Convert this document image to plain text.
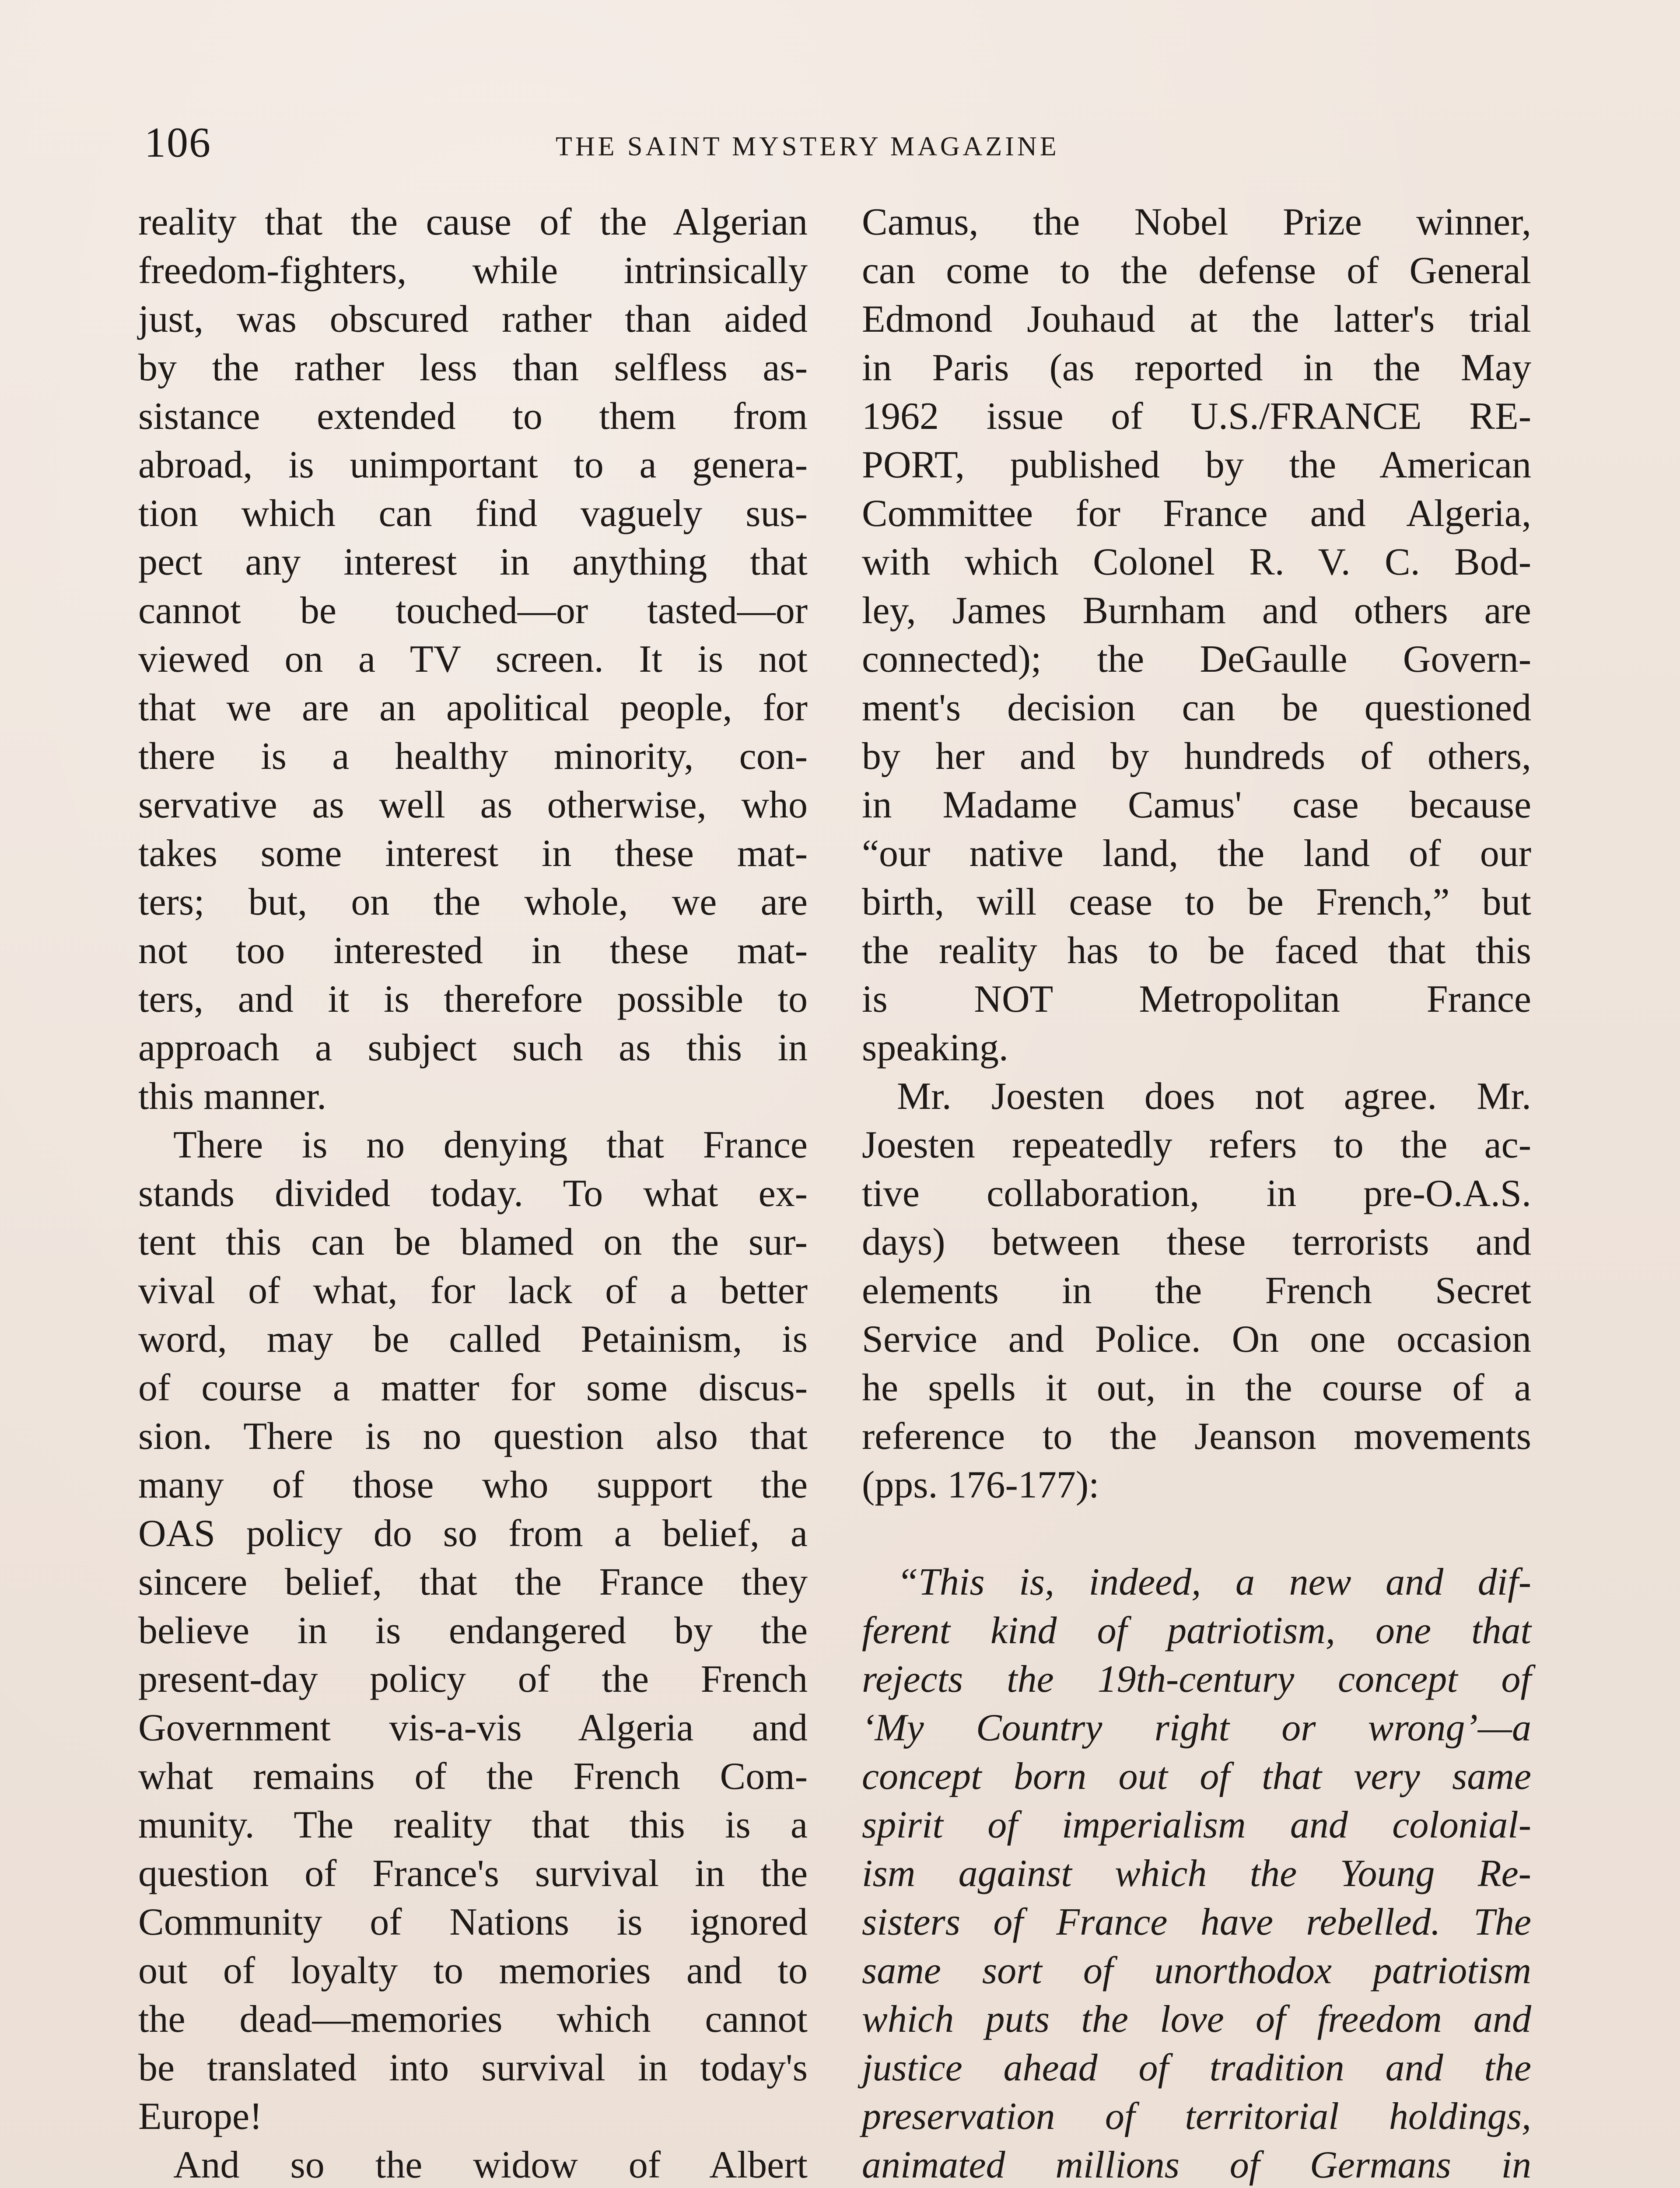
106	THE SAINT MYSTERY MAGAZINE
reality that the cause of the Algerian
freedom-fighters, while intrinsically
just, was obscured rather than aided
by the rather less than selfless as-
sistance extended to them from
abroad, is unimportant to a genera-
tion which can find vaguely sus-
pect any interest in anything that
cannot be touched—or tasted—or
viewed on a TV screen. It is not
that we are an apolitical people, for
there is a healthy minority, con-
servative as well as otherwise, who
takes some interest in these mat-
ters; but, on the whole, we are
not too interested in these mat-
ters, and it is therefore possible to
approach a subject such as this in
this manner.
There is no denying that France
stands divided today. To what ex-
tent this can be blamed on the sur-
vival of what, for lack of a better
word, may be called Petainism, is
of course a matter for some discus-
sion. There is no question also that
many of those who support the
OAS policy do so from a belief, a
sincere belief, that the France they
believe in is endangered by the
present-day policy of the French
Government vis-a-vis Algeria and
what remains of the French Com-
munity. The reality that this is a
question of France's survival in the
Community of Nations is ignored
out of loyalty to memories and to
the dead—memories which cannot
be translated into survival in today's
Europe!
And so the widow of Albert
Camus, the Nobel Prize winner,
can come to the defense of General
Edmond Jouhaud at the latter's trial
in Paris (as reported in the May
1962 issue of U.S./FRANCE RE-
PORT, published by the American
Committee for France and Algeria,
with which Colonel R. V. C. Bod-
ley, James Burnham and others are
connected); the DeGaulle Govern-
ment's decision can be questioned
by her and by hundreds of others,
in Madame Camus' case because
“our native land, the land of our
birth, will cease to be French,” but
the reality has to be faced that this
is NOT Metropolitan France
speaking.
Mr. Joesten does not agree. Mr.
Joesten repeatedly refers to the ac-
tive collaboration, in pre-O.A.S.
days) between these terrorists and
elements in the French Secret
Service and Police. On one occasion
he spells it out, in the course of a
reference to the Jeanson movements
(pps. 176-177):
“This is, indeed, a new and dif-
ferent kind of patriotism, one that
rejects the 19th-century concept of
‘My Country right or wrong’—a
concept born out of that very same
spirit of imperialism and colonial-
ism against which the Young Re-
sisters of France have rebelled. The
same sort of unorthodox patriotism
which puts the love of freedom and
justice ahead of tradition and the
preservation of territorial holdings,
animated millions of Germans in
